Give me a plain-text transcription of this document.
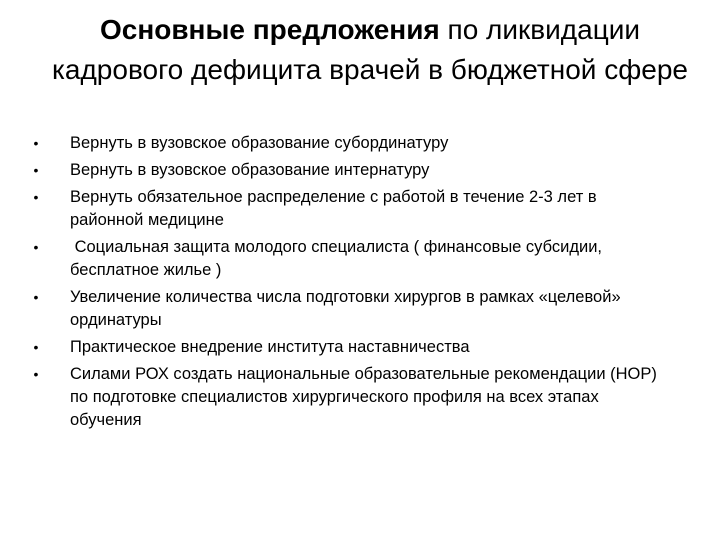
Основные предложения по ликвидации кадрового дефицита врачей в бюджетной сфере
• Вернуть в вузовское образование субординатуру
• Вернуть в вузовское образование интернатуру
• Вернуть обязательное распределение с работой в течение 2-3 лет в районной медицине
• Социальная защита молодого специалиста ( финансовые субсидии, бесплатное жилье )
• Увеличение количества числа подготовки хирургов в рамках «целевой»  ординатуры
• Практическое внедрение института наставничества
• Силами РОХ создать национальные образовательные рекомендации (НОР) по подготовке специалистов хирургического профиля на всех этапах обучения
